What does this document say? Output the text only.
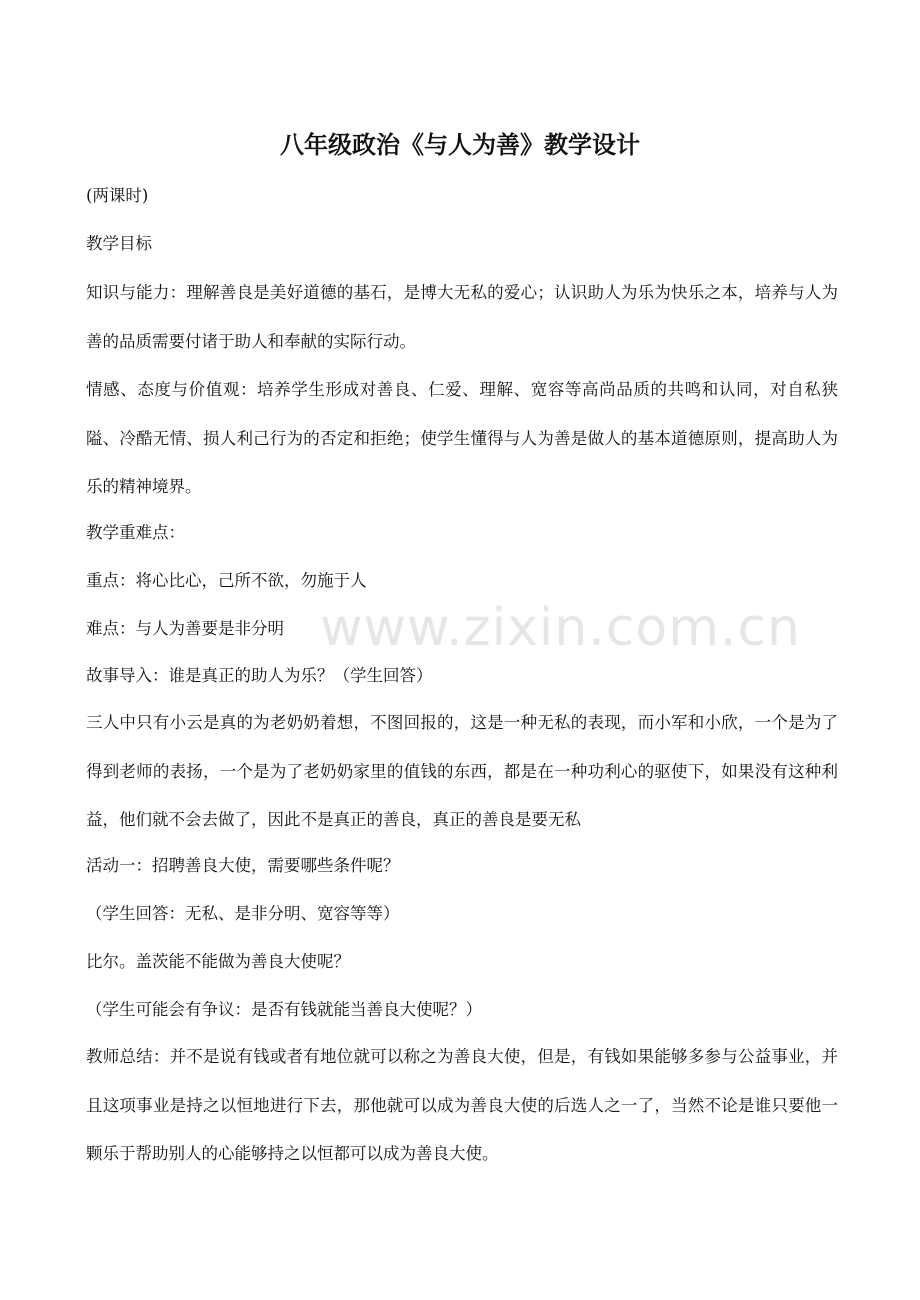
www.zixin.com.cn
八年级政治《与人为善》教学设计

(两课时)

教学目标

知识与能力：理解善良是美好道德的基石，是博大无私的爱心；认识助人为乐为快乐之本，培养与人为善的品质需要付诸于助人和奉献的实际行动。

情感、态度与价值观：培养学生形成对善良、仁爱、理解、宽容等高尚品质的共鸣和认同，对自私狭隘、冷酷无情、损人利己行为的否定和拒绝；使学生懂得与人为善是做人的基本道德原则，提高助人为乐的精神境界。

教学重难点：

重点：将心比心，己所不欲，勿施于人

难点：与人为善要是非分明

故事导入：谁是真正的助人为乐？（学生回答）

三人中只有小云是真的为老奶奶着想，不图回报的，这是一种无私的表现，而小军和小欣，一个是为了得到老师的表扬，一个是为了老奶奶家里的值钱的东西，都是在一种功利心的驱使下，如果没有这种利益，他们就不会去做了，因此不是真正的善良，真正的善良是要无私

活动一：招聘善良大使，需要哪些条件呢？

（学生回答：无私、是非分明、宽容等等）

比尔。盖茨能不能做为善良大使呢？

（学生可能会有争议：是否有钱就能当善良大使呢？）

教师总结：并不是说有钱或者有地位就可以称之为善良大使，但是，有钱如果能够多参与公益事业，并且这项事业是持之以恒地进行下去，那他就可以成为善良大使的后选人之一了，当然不论是谁只要他一颗乐于帮助别人的心能够持之以恒都可以成为善良大使。
